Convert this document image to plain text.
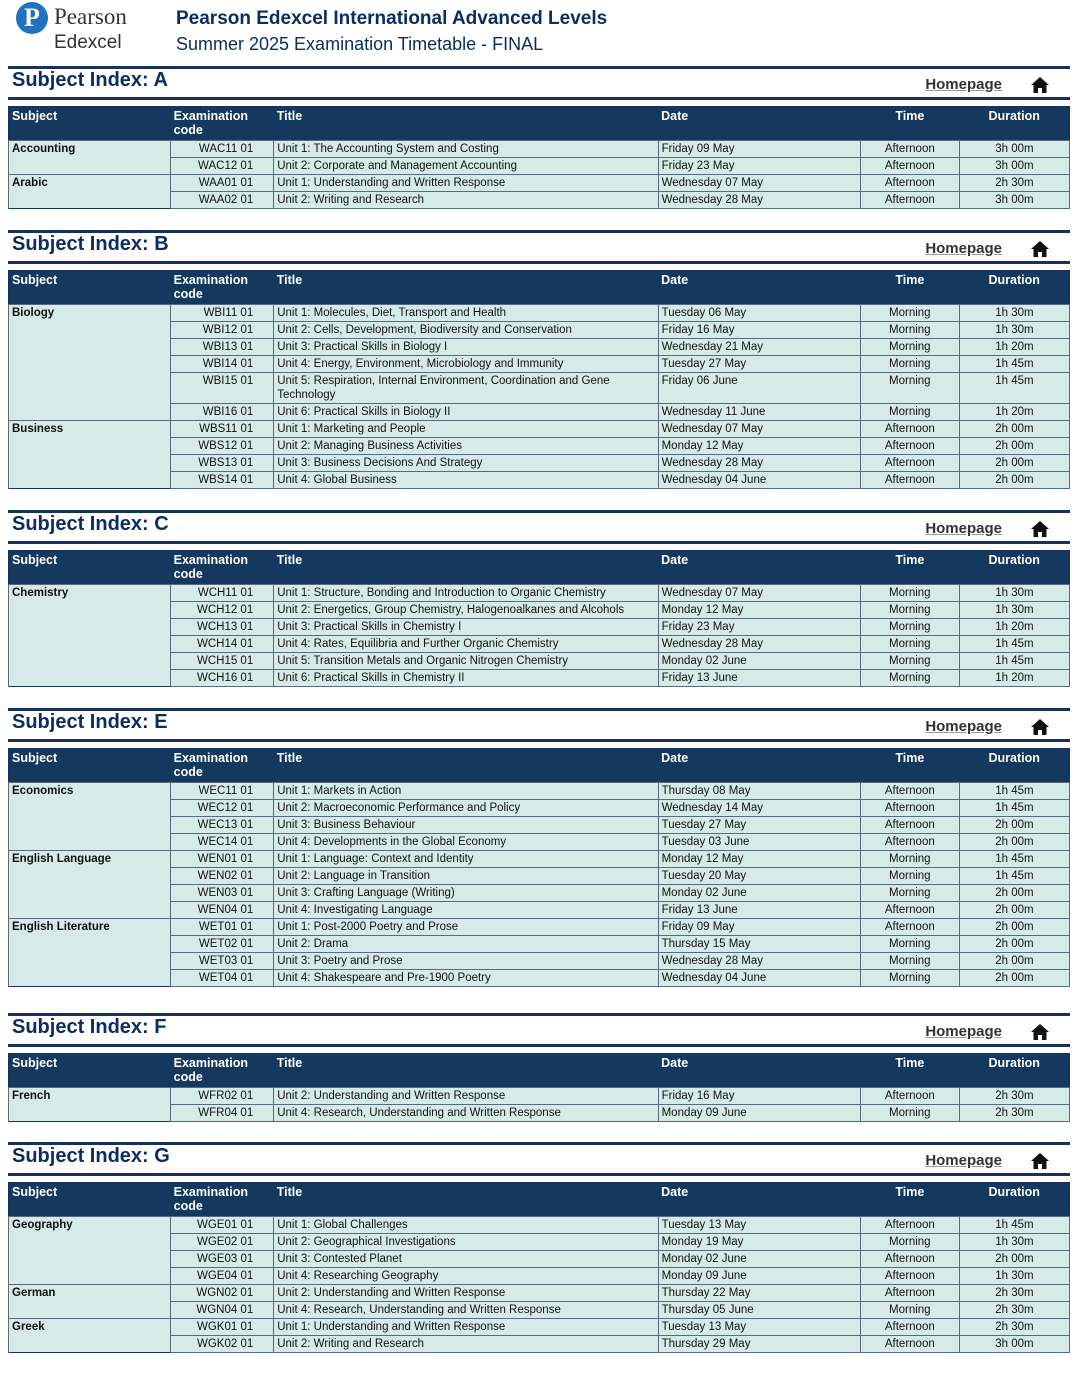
P Pearson
Edexcel
Pearson Edexcel International Advanced Levels
Summer 2025 Examination Timetable - FINAL
Subject Index: A	Homepage
Subject	Examination code	Title	Date	Time	Duration
Accounting	WAC11 01	Unit 1: The Accounting System and Costing	Friday 09 May	Afternoon	3h 00m
	WAC12 01	Unit 2: Corporate and Management Accounting	Friday 23 May	Afternoon	3h 00m
Arabic	WAA01 01	Unit 1: Understanding and Written Response	Wednesday 07 May	Afternoon	2h 30m
	WAA02 01	Unit 2: Writing and Research	Wednesday 28 May	Afternoon	3h 00m
Subject Index: B	Homepage
Subject	Examination code	Title	Date	Time	Duration
Biology	WBI11 01	Unit 1: Molecules, Diet, Transport and Health	Tuesday 06 May	Morning	1h 30m
	WBI12 01	Unit 2: Cells, Development, Biodiversity and Conservation	Friday 16 May	Morning	1h 30m
	WBI13 01	Unit 3: Practical Skills in Biology I	Wednesday 21 May	Morning	1h 20m
	WBI14 01	Unit 4: Energy, Environment, Microbiology and Immunity	Tuesday 27 May	Morning	1h 45m
	WBI15 01	Unit 5: Respiration, Internal Environment, Coordination and Gene Technology	Friday 06 June	Morning	1h 45m
	WBI16 01	Unit 6: Practical Skills in Biology II	Wednesday 11 June	Morning	1h 20m
Business	WBS11 01	Unit 1: Marketing and People	Wednesday 07 May	Afternoon	2h 00m
	WBS12 01	Unit 2: Managing Business Activities	Monday 12 May	Afternoon	2h 00m
	WBS13 01	Unit 3: Business Decisions And Strategy	Wednesday 28 May	Afternoon	2h 00m
	WBS14 01	Unit 4: Global Business	Wednesday 04 June	Afternoon	2h 00m
Subject Index: C	Homepage
Subject	Examination code	Title	Date	Time	Duration
Chemistry	WCH11 01	Unit 1: Structure, Bonding and Introduction to Organic Chemistry	Wednesday 07 May	Morning	1h 30m
	WCH12 01	Unit 2: Energetics, Group Chemistry, Halogenoalkanes and Alcohols	Monday 12 May	Morning	1h 30m
	WCH13 01	Unit 3: Practical Skills in Chemistry I	Friday 23 May	Morning	1h 20m
	WCH14 01	Unit 4: Rates, Equilibria and Further Organic Chemistry	Wednesday 28 May	Morning	1h 45m
	WCH15 01	Unit 5: Transition Metals and Organic Nitrogen Chemistry	Monday 02 June	Morning	1h 45m
	WCH16 01	Unit 6: Practical Skills in Chemistry II	Friday 13 June	Morning	1h 20m
Subject Index: E	Homepage
Subject	Examination code	Title	Date	Time	Duration
Economics	WEC11 01	Unit 1: Markets in Action	Thursday 08 May	Afternoon	1h 45m
	WEC12 01	Unit 2: Macroeconomic Performance and Policy	Wednesday 14 May	Afternoon	1h 45m
	WEC13 01	Unit 3: Business Behaviour	Tuesday 27 May	Afternoon	2h 00m
	WEC14 01	Unit 4: Developments in the Global Economy	Tuesday 03 June	Afternoon	2h 00m
English Language	WEN01 01	Unit 1: Language: Context and Identity	Monday 12 May	Morning	1h 45m
	WEN02 01	Unit 2: Language in Transition	Tuesday 20 May	Morning	1h 45m
	WEN03 01	Unit 3: Crafting Language (Writing)	Monday 02 June	Morning	2h 00m
	WEN04 01	Unit 4: Investigating Language	Friday 13 June	Afternoon	2h 00m
English Literature	WET01 01	Unit 1: Post-2000 Poetry and Prose	Friday 09 May	Afternoon	2h 00m
	WET02 01	Unit 2: Drama	Thursday 15 May	Morning	2h 00m
	WET03 01	Unit 3: Poetry and Prose	Wednesday 28 May	Morning	2h 00m
	WET04 01	Unit 4: Shakespeare and Pre-1900 Poetry	Wednesday 04 June	Morning	2h 00m
Subject Index: F	Homepage
Subject	Examination code	Title	Date	Time	Duration
French	WFR02 01	Unit 2: Understanding and Written Response	Friday 16 May	Afternoon	2h 30m
	WFR04 01	Unit 4: Research, Understanding and Written Response	Monday 09 June	Morning	2h 30m
Subject Index: G	Homepage
Subject	Examination code	Title	Date	Time	Duration
Geography	WGE01 01	Unit 1: Global Challenges	Tuesday 13 May	Afternoon	1h 45m
	WGE02 01	Unit 2: Geographical Investigations	Monday 19 May	Morning	1h 30m
	WGE03 01	Unit 3: Contested Planet	Monday 02 June	Afternoon	2h 00m
	WGE04 01	Unit 4: Researching Geography	Monday 09 June	Afternoon	1h 30m
German	WGN02 01	Unit 2: Understanding and Written Response	Thursday 22 May	Afternoon	2h 30m
	WGN04 01	Unit 4: Research, Understanding and Written Response	Thursday 05 June	Morning	2h 30m
Greek	WGK01 01	Unit 1: Understanding and Written Response	Tuesday 13 May	Afternoon	2h 30m
	WGK02 01	Unit 2: Writing and Research	Thursday 29 May	Afternoon	3h 00m
